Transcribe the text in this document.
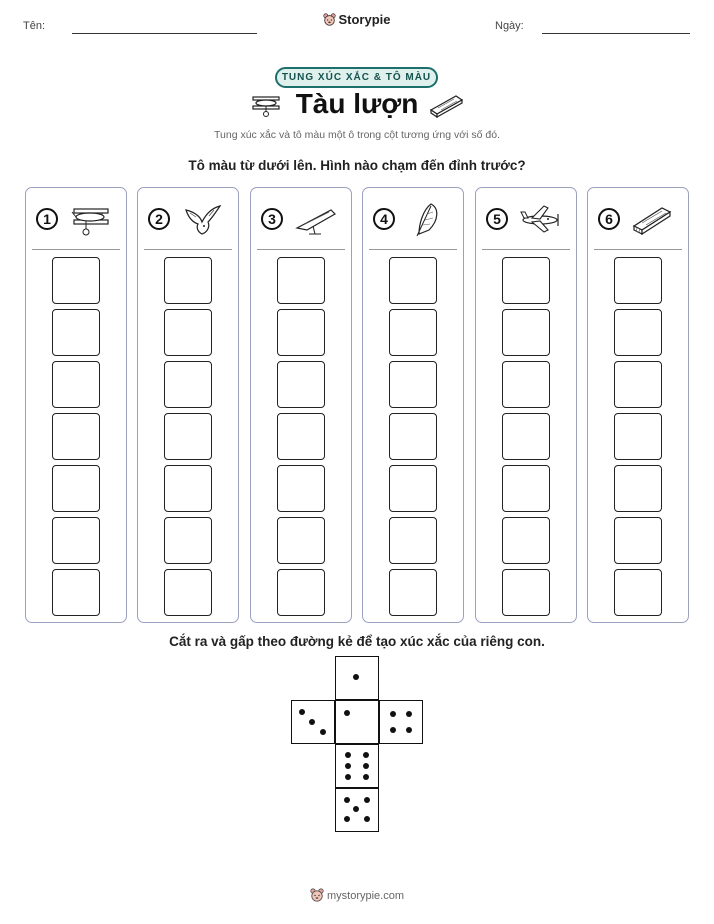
Tên:	Ngày:
Storypie
TUNG XÚC XẮC & TÔ MÀU
Tàu lượn
Tung xúc xắc và tô màu một ô trong cột tương ứng với số đó.
Tô màu từ dưới lên. Hình nào chạm đến đỉnh trước?
1	2	3	4	5	6
Cắt ra và gấp theo đường kẻ để tạo xúc xắc của riêng con.
mystorypie.com
